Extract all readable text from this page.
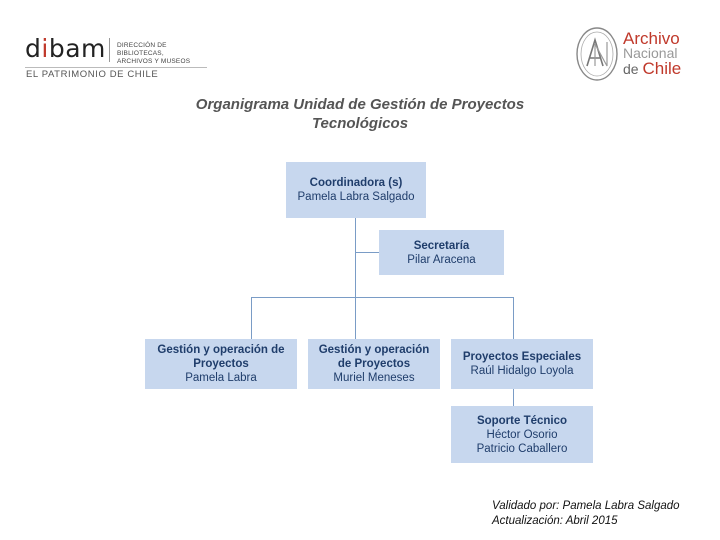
dibam DIRECCIÓN DE BIBLIOTECAS,
ARCHIVOS Y MUSEOS
EL PATRIMONIO DE CHILE
Archivo
Nacional
de Chile
Organigrama Unidad de Gestión de Proyectos
Tecnológicos
Coordinadora (s)
Pamela Labra Salgado
Secretaría
Pilar Aracena
Gestión y operación de
Proyectos
Pamela Labra
Gestión y operación
de Proyectos
Muriel Meneses
Proyectos Especiales
Raúl Hidalgo Loyola
Soporte Técnico
Héctor Osorio
Patricio Caballero
Validado por: Pamela Labra Salgado
Actualización: Abril 2015
